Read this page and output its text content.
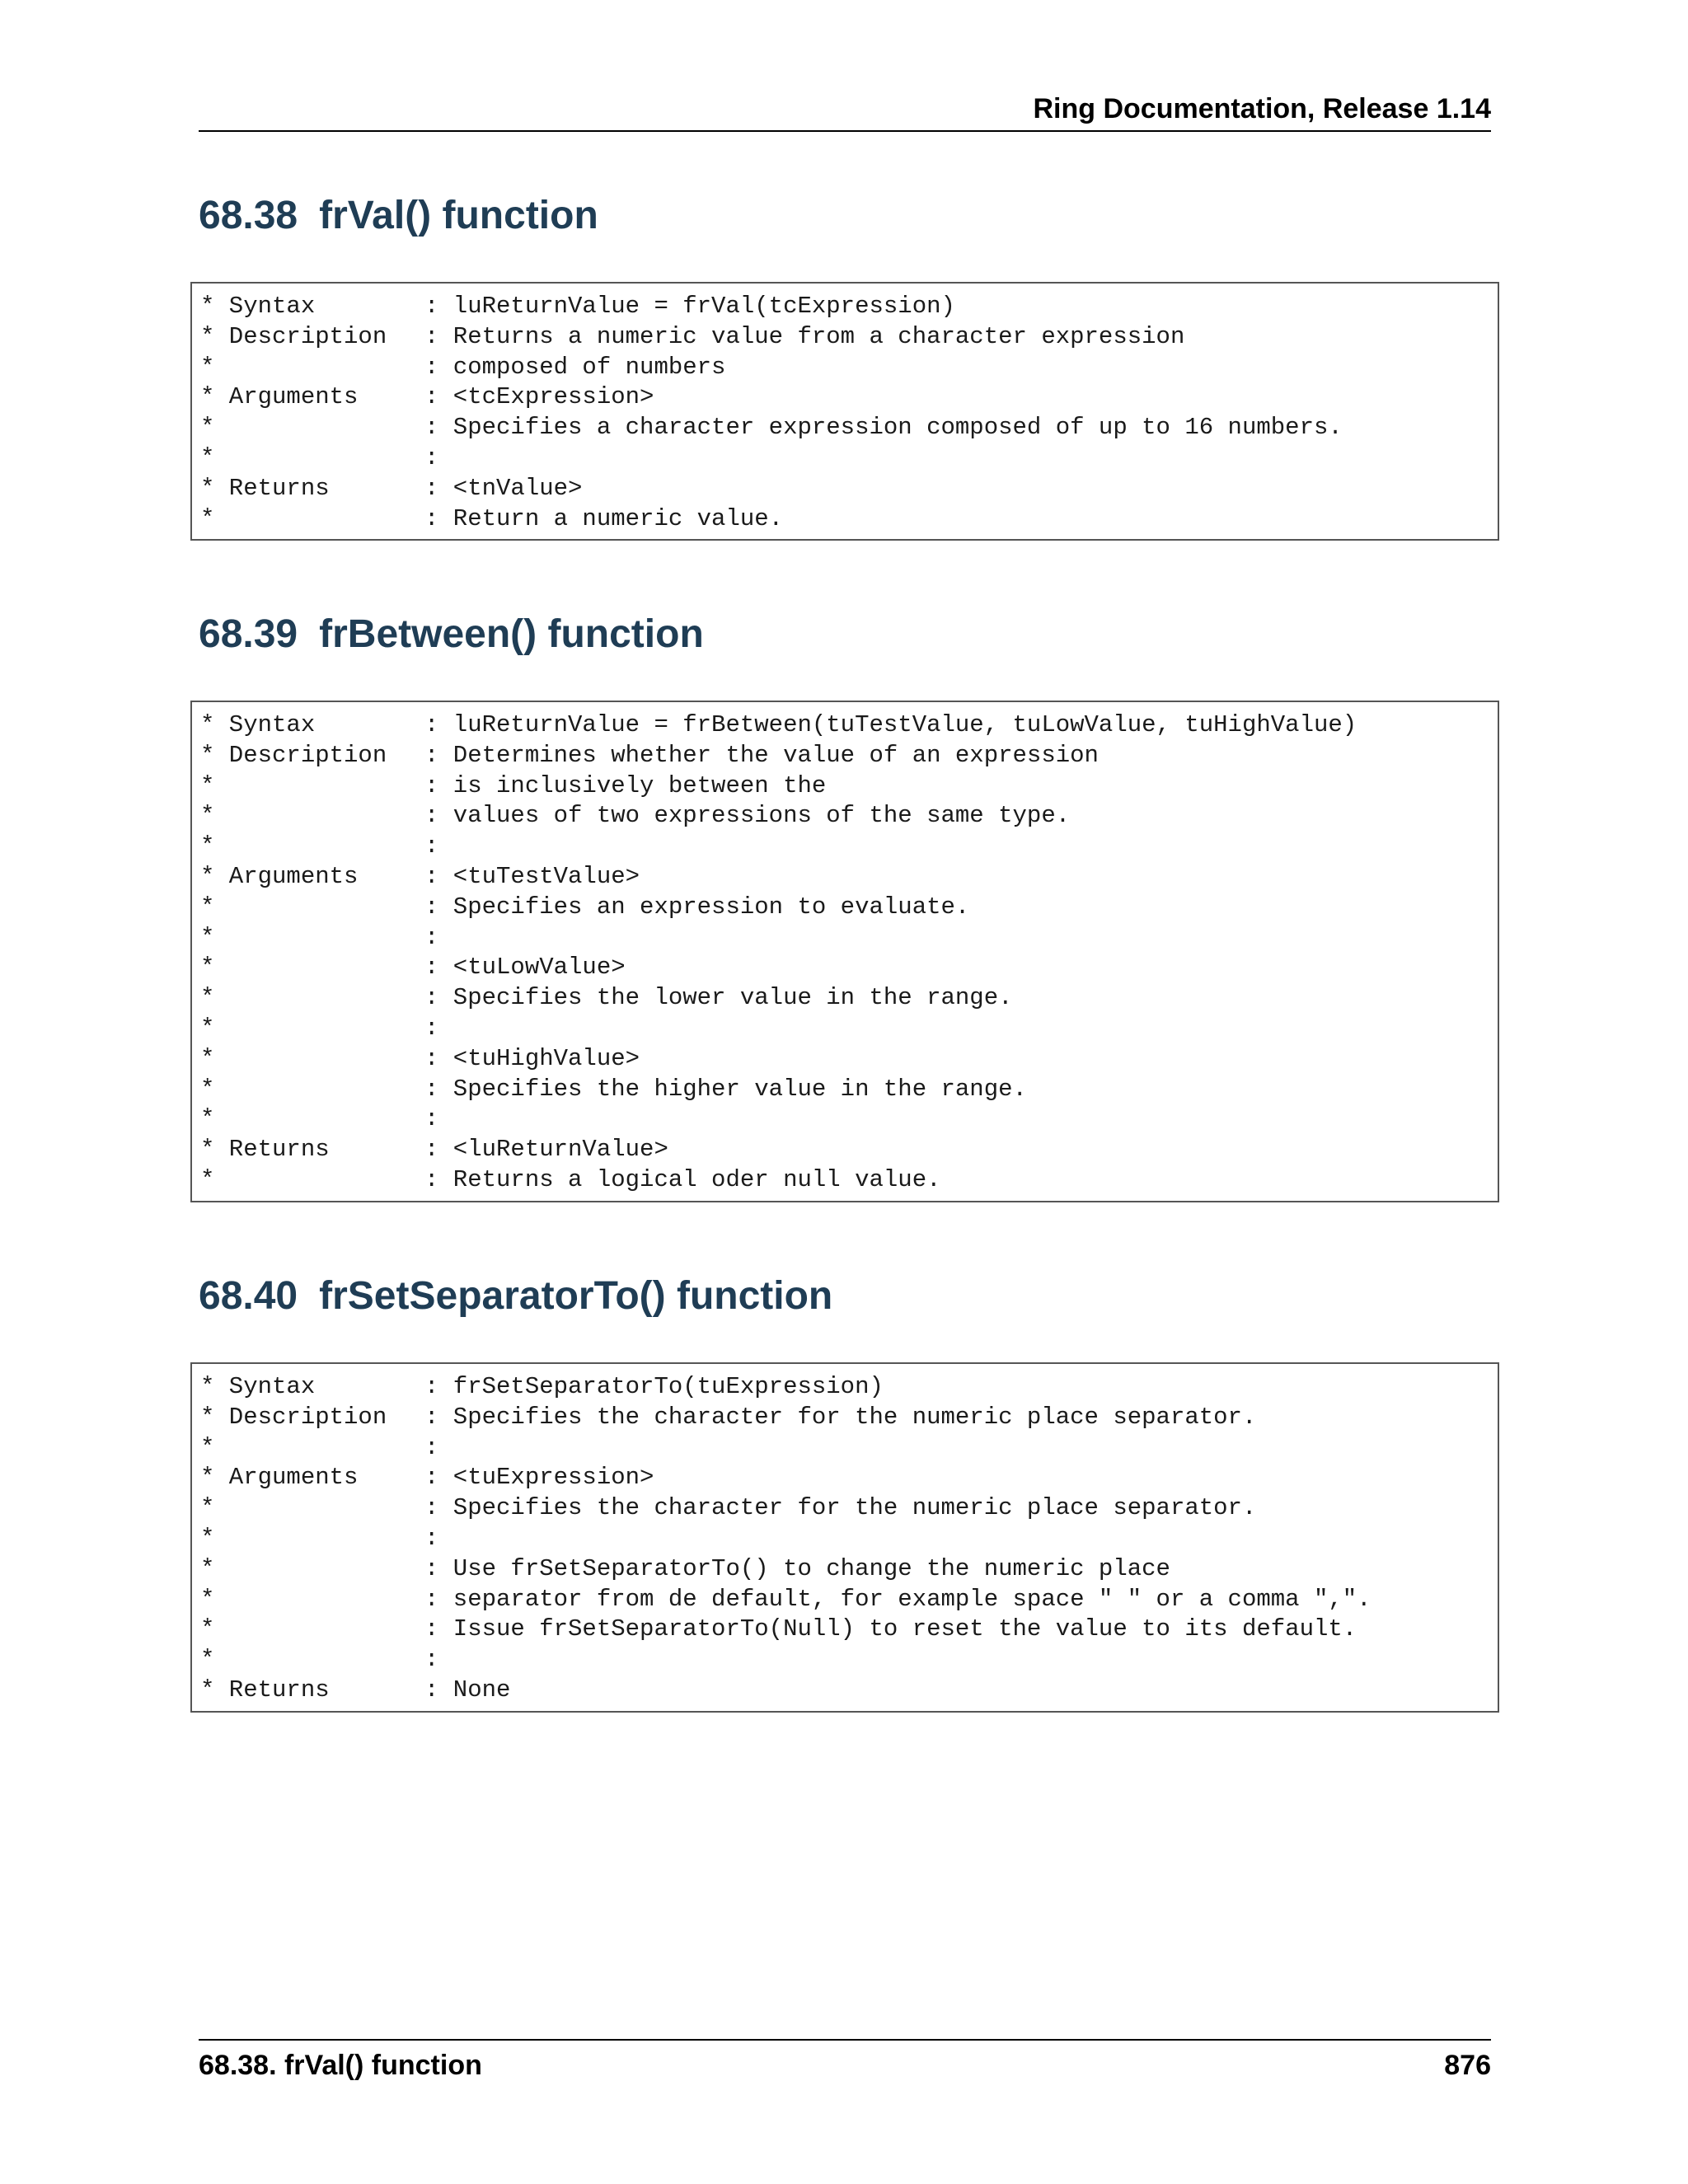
Ring Documentation, Release 1.14

68.38 frVal() function
* Syntax	: luReturnValue = frVal(tcExpression)
* Description	: Returns a numeric value from a character expression
*	: composed of numbers
* Arguments	: <tcExpression>
*	: Specifies a character expression composed of up to 16 numbers.
*	:
* Returns	: <tnValue>
*	: Return a numeric value.
68.39 frBetween() function
* Syntax	: luReturnValue = frBetween(tuTestValue, tuLowValue, tuHighValue)
* Description	: Determines whether the value of an expression
*	: is inclusively between the
*	: values of two expressions of the same type.
*	:
* Arguments	: <tuTestValue>
*	: Specifies an expression to evaluate.
*	:
*	: <tuLowValue>
*	: Specifies the lower value in the range.
*	:
*	: <tuHighValue>
*	: Specifies the higher value in the range.
*	:
* Returns	: <luReturnValue>
*	: Returns a logical oder null value.
68.40 frSetSeparatorTo() function
* Syntax	: frSetSeparatorTo(tuExpression)
* Description	: Specifies the character for the numeric place separator.
*	:
* Arguments	: <tuExpression>
*	: Specifies the character for the numeric place separator.
*	:
*	: Use frSetSeparatorTo() to change the numeric place
*	: separator from de default, for example space " " or a comma ",".
*	: Issue frSetSeparatorTo(Null) to reset the value to its default.
*	:
* Returns	: None
68.38. frVal() function	876
